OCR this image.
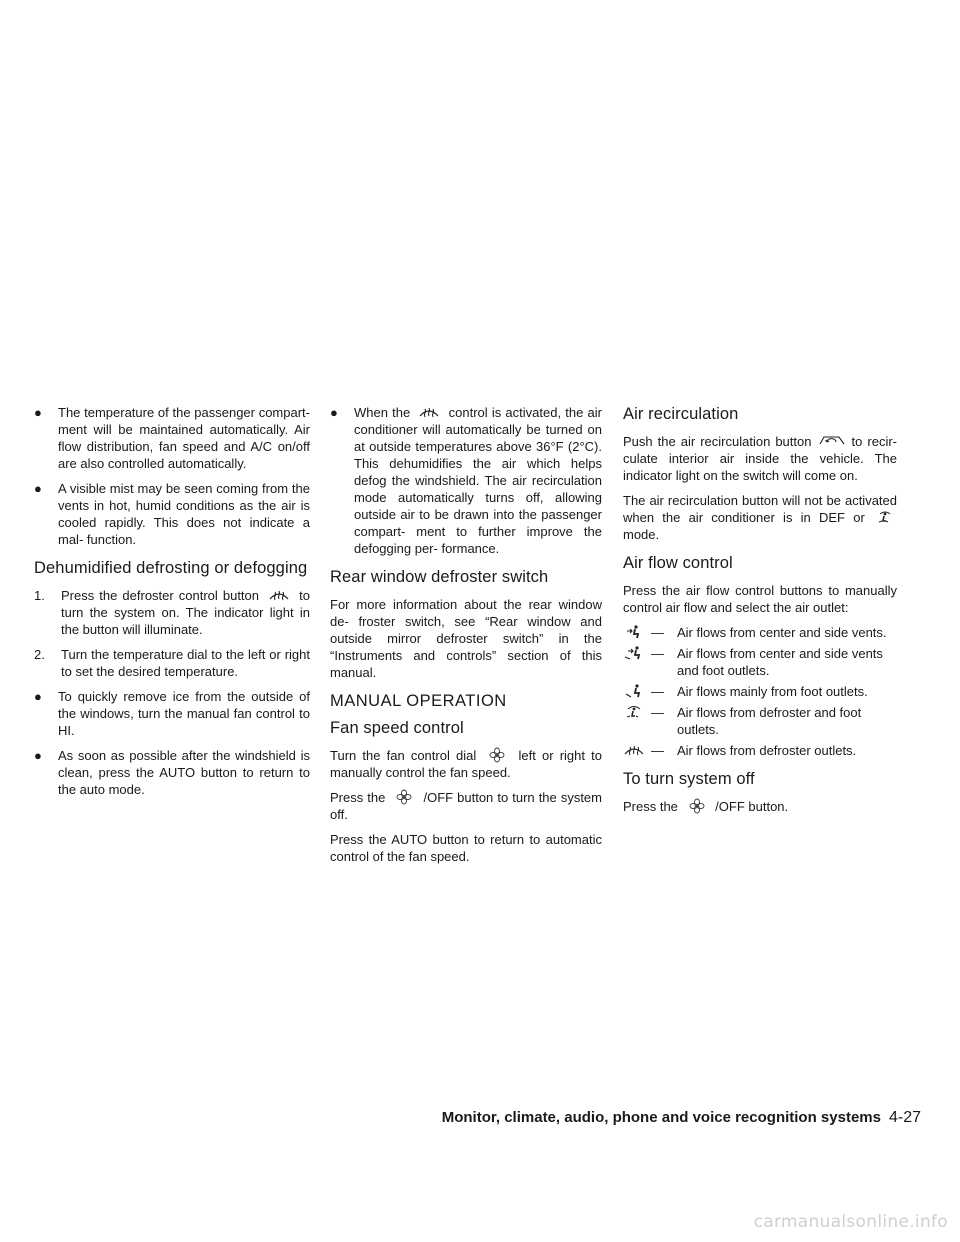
● The temperature of the passenger compart- ment will be maintained automatically. Air flow distribution, fan speed and A/C on/off are also controlled automatically.

● A visible mist may be seen coming from the vents in hot, humid conditions as the air is cooled rapidly. This does not indicate a mal- function.

Dehumidified defrosting or defogging

1. Press the defroster control button	to turn the system on. The indicator light in the button will illuminate.

2. Turn the temperature dial to the left or right to set the desired temperature.

● To quickly remove ice from the outside of the windows, turn the manual fan control to HI.

● As soon as possible after the windshield is clean, press the AUTO button to return to the auto mode.

● When the	control is activated, the air conditioner will automatically be turned on at outside temperatures above 36°F (2°C). This dehumidifies the air which helps defog the windshield. The air recirculation mode automatically turns off, allowing outside air to be drawn into the passenger compart- ment to further improve the defogging per- formance.

Rear window defroster switch

For more information about the rear window de- froster switch, see “Rear window and outside mirror defroster switch” in the “Instruments and controls” section of this manual.

MANUAL OPERATION
Fan speed control

Turn the fan control dial	left or right to manually control the fan speed.

Press the	/OFF button to turn the system off.

Press the AUTO button to return to automatic control of the fan speed.

Air recirculation

Push the air recirculation button	to recir- culate interior air inside the vehicle. The indicator light on the switch will come on.

The air recirculation button will not be activated when the air conditioner is in DEF or
mode.

Air flow control

Press the air flow control buttons to manually control air flow and select the air outlet:

—	Air flows from center and side vents.
—	Air flows from center and side vents and foot outlets.
—	Air flows mainly from foot outlets.
—	Air flows from defroster and foot outlets.
—	Air flows from defroster outlets.
To turn system off

Press the	/OFF button.

Monitor, climate, audio, phone and voice recognition systems 4-27
carmanualsonline.info
